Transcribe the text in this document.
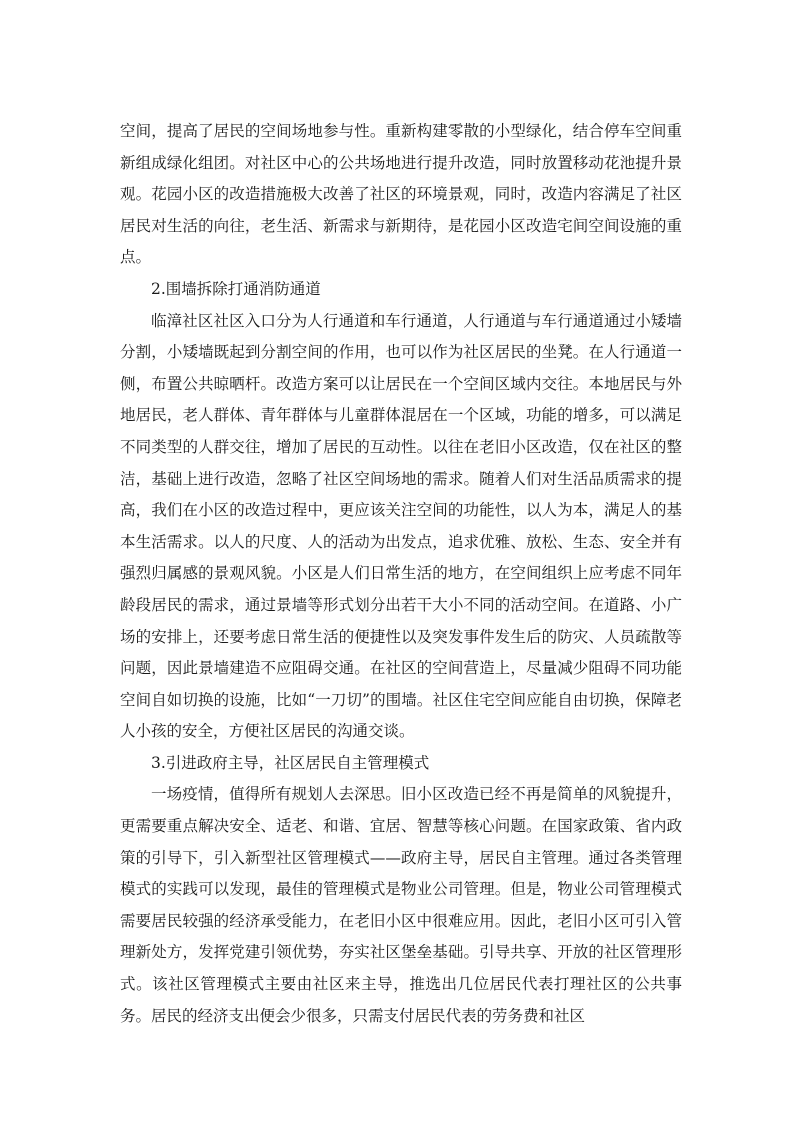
空间，提高了居民的空间场地参与性。重新构建零散的小型绿化，结合停车空间重新组成绿化组团。对社区中心的公共场地进行提升改造，同时放置移动花池提升景观。花园小区的改造措施极大改善了社区的环境景观，同时，改造内容满足了社区居民对生活的向往，老生活、新需求与新期待，是花园小区改造宅间空间设施的重点。

2.围墙拆除打通消防通道

临漳社区社区入口分为人行通道和车行通道，人行通道与车行通道通过小矮墙分割，小矮墙既起到分割空间的作用，也可以作为社区居民的坐凳。在人行通道一侧，布置公共晾晒杆。改造方案可以让居民在一个空间区域内交往。本地居民与外地居民，老人群体、青年群体与儿童群体混居在一个区域，功能的增多，可以满足不同类型的人群交往，增加了居民的互动性。以往在老旧小区改造，仅在社区的整洁，基础上进行改造，忽略了社区空间场地的需求。随着人们对生活品质需求的提高，我们在小区的改造过程中，更应该关注空间的功能性，以人为本，满足人的基本生活需求。以人的尺度、人的活动为出发点，追求优雅、放松、生态、安全并有强烈归属感的景观风貌。小区是人们日常生活的地方，在空间组织上应考虑不同年龄段居民的需求，通过景墙等形式划分出若干大小不同的活动空间。在道路、小广场的安排上，还要考虑日常生活的便捷性以及突发事件发生后的防灾、人员疏散等问题，因此景墙建造不应阻碍交通。在社区的空间营造上，尽量减少阻碍不同功能空间自如切换的设施，比如“一刀切”的围墙。社区住宅空间应能自由切换，保障老人小孩的安全，方便社区居民的沟通交谈。

3.引进政府主导，社区居民自主管理模式

一场疫情，值得所有规划人去深思。旧小区改造已经不再是简单的风貌提升，更需要重点解决安全、适老、和谐、宜居、智慧等核心问题。在国家政策、省内政策的引导下，引入新型社区管理模式——政府主导，居民自主管理。通过各类管理模式的实践可以发现，最佳的管理模式是物业公司管理。但是，物业公司管理模式需要居民较强的经济承受能力，在老旧小区中很难应用。因此，老旧小区可引入管理新处方，发挥党建引领优势，夯实社区堡垒基础。引导共享、开放的社区管理形式。该社区管理模式主要由社区来主导，推选出几位居民代表打理社区的公共事务。居民的经济支出便会少很多，只需支付居民代表的劳务费和社区
